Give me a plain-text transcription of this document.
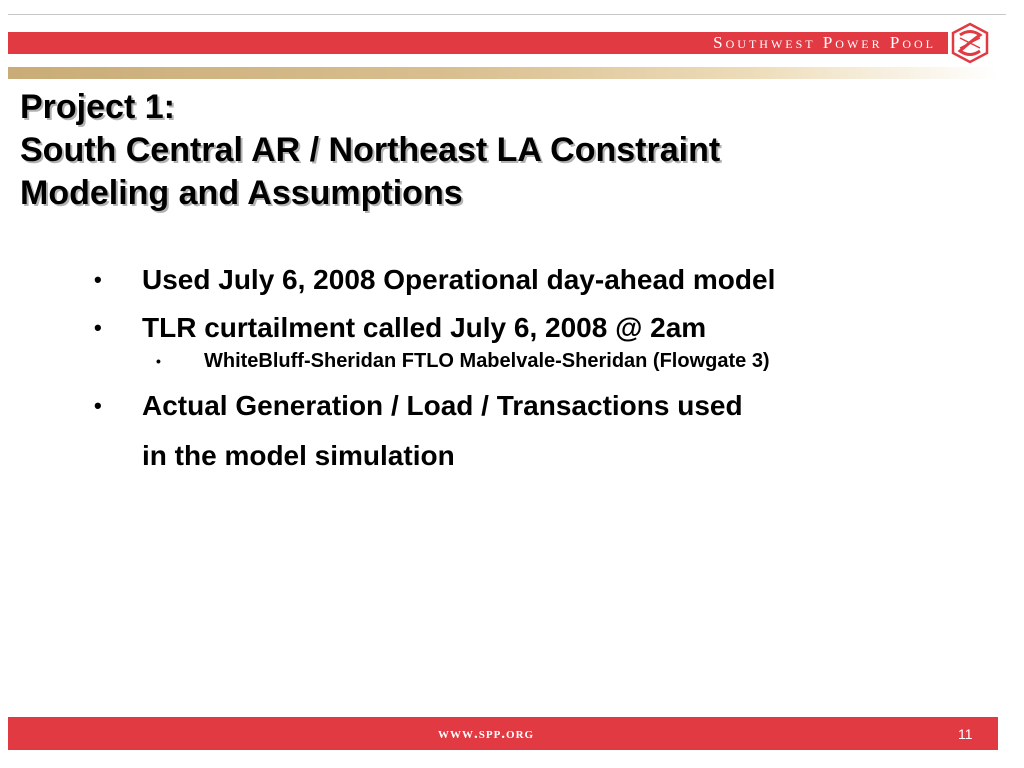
Southwest Power Pool
Project 1:
South Central AR / Northeast LA Constraint
Modeling and Assumptions
• Used July 6, 2008 Operational day-ahead model
• TLR curtailment called July 6, 2008 @ 2am
• WhiteBluff-Sheridan FTLO Mabelvale-Sheridan (Flowgate 3)
• Actual Generation / Load / Transactions used
in the model simulation
www.spp.org	11
